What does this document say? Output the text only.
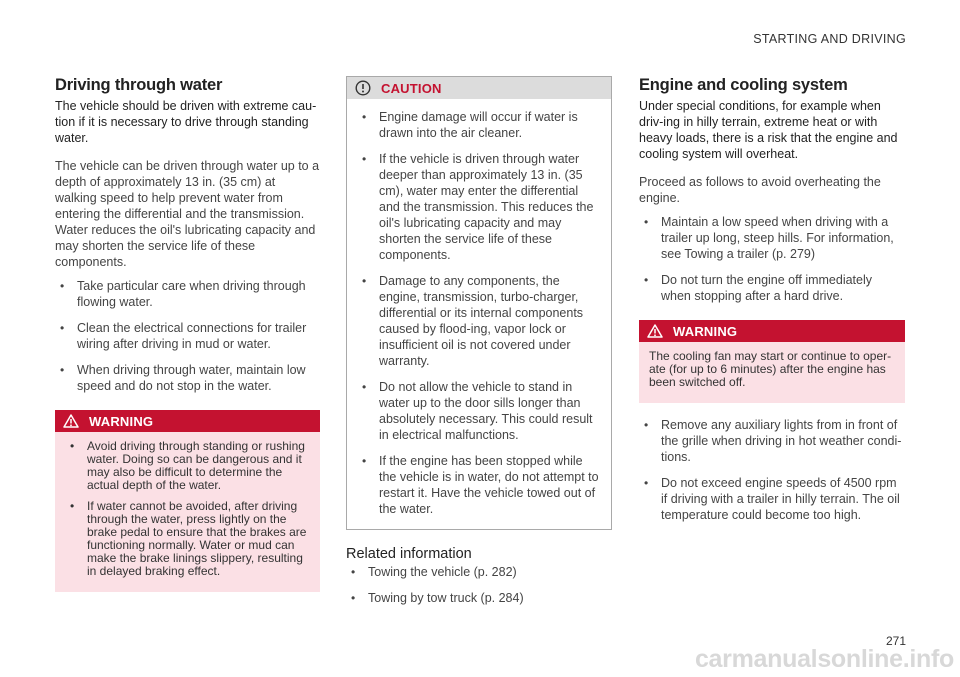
STARTING AND DRIVING
Driving through water

The vehicle should be driven with extreme cau-tion if it is necessary to drive through standing water.

The vehicle can be driven through water up to a depth of approximately 13 in. (35 cm) at walking speed to help prevent water from entering the differential and the transmission. Water reduces the oil's lubricating capacity and may shorten the service life of these components.

• Take particular care when driving through flowing water.
• Clean the electrical connections for trailer wiring after driving in mud or water.
• When driving through water, maintain low speed and do not stop in the water.
WARNING
• Avoid driving through standing or rushing water. Doing so can be dangerous and it may also be difficult to determine the actual depth of the water.
• If water cannot be avoided, after driving through the water, press lightly on the brake pedal to ensure that the brakes are functioning normally. Water or mud can make the brake linings slippery, resulting in delayed braking effect.
CAUTION
• Engine damage will occur if water is drawn into the air cleaner.
• If the vehicle is driven through water deeper than approximately 13 in. (35 cm), water may enter the differential and the transmission. This reduces the oil's lubricating capacity and may shorten the service life of these components.
• Damage to any components, the engine, transmission, turbo-charger, differential or its internal components caused by flood-ing, vapor lock or insufficient oil is not covered under warranty.
• Do not allow the vehicle to stand in water up to the door sills longer than absolutely necessary. This could result in electrical malfunctions.
• If the engine has been stopped while the vehicle is in water, do not attempt to restart it. Have the vehicle towed out of the water.
Related information
• Towing the vehicle (p. 282)
• Towing by tow truck (p. 284)
Engine and cooling system

Under special conditions, for example when driv-ing in hilly terrain, extreme heat or with heavy loads, there is a risk that the engine and cooling system will overheat.

Proceed as follows to avoid overheating the engine.

• Maintain a low speed when driving with a trailer up long, steep hills. For information, see Towing a trailer (p. 279)
• Do not turn the engine off immediately when stopping after a hard drive.
WARNING

The cooling fan may start or continue to oper-ate (for up to 6 minutes) after the engine has been switched off.

• Remove any auxiliary lights from in front of the grille when driving in hot weather condi-tions.
• Do not exceed engine speeds of 4500 rpm if driving with a trailer in hilly terrain. The oil temperature could become too high.
271
carmanualsonline.info
